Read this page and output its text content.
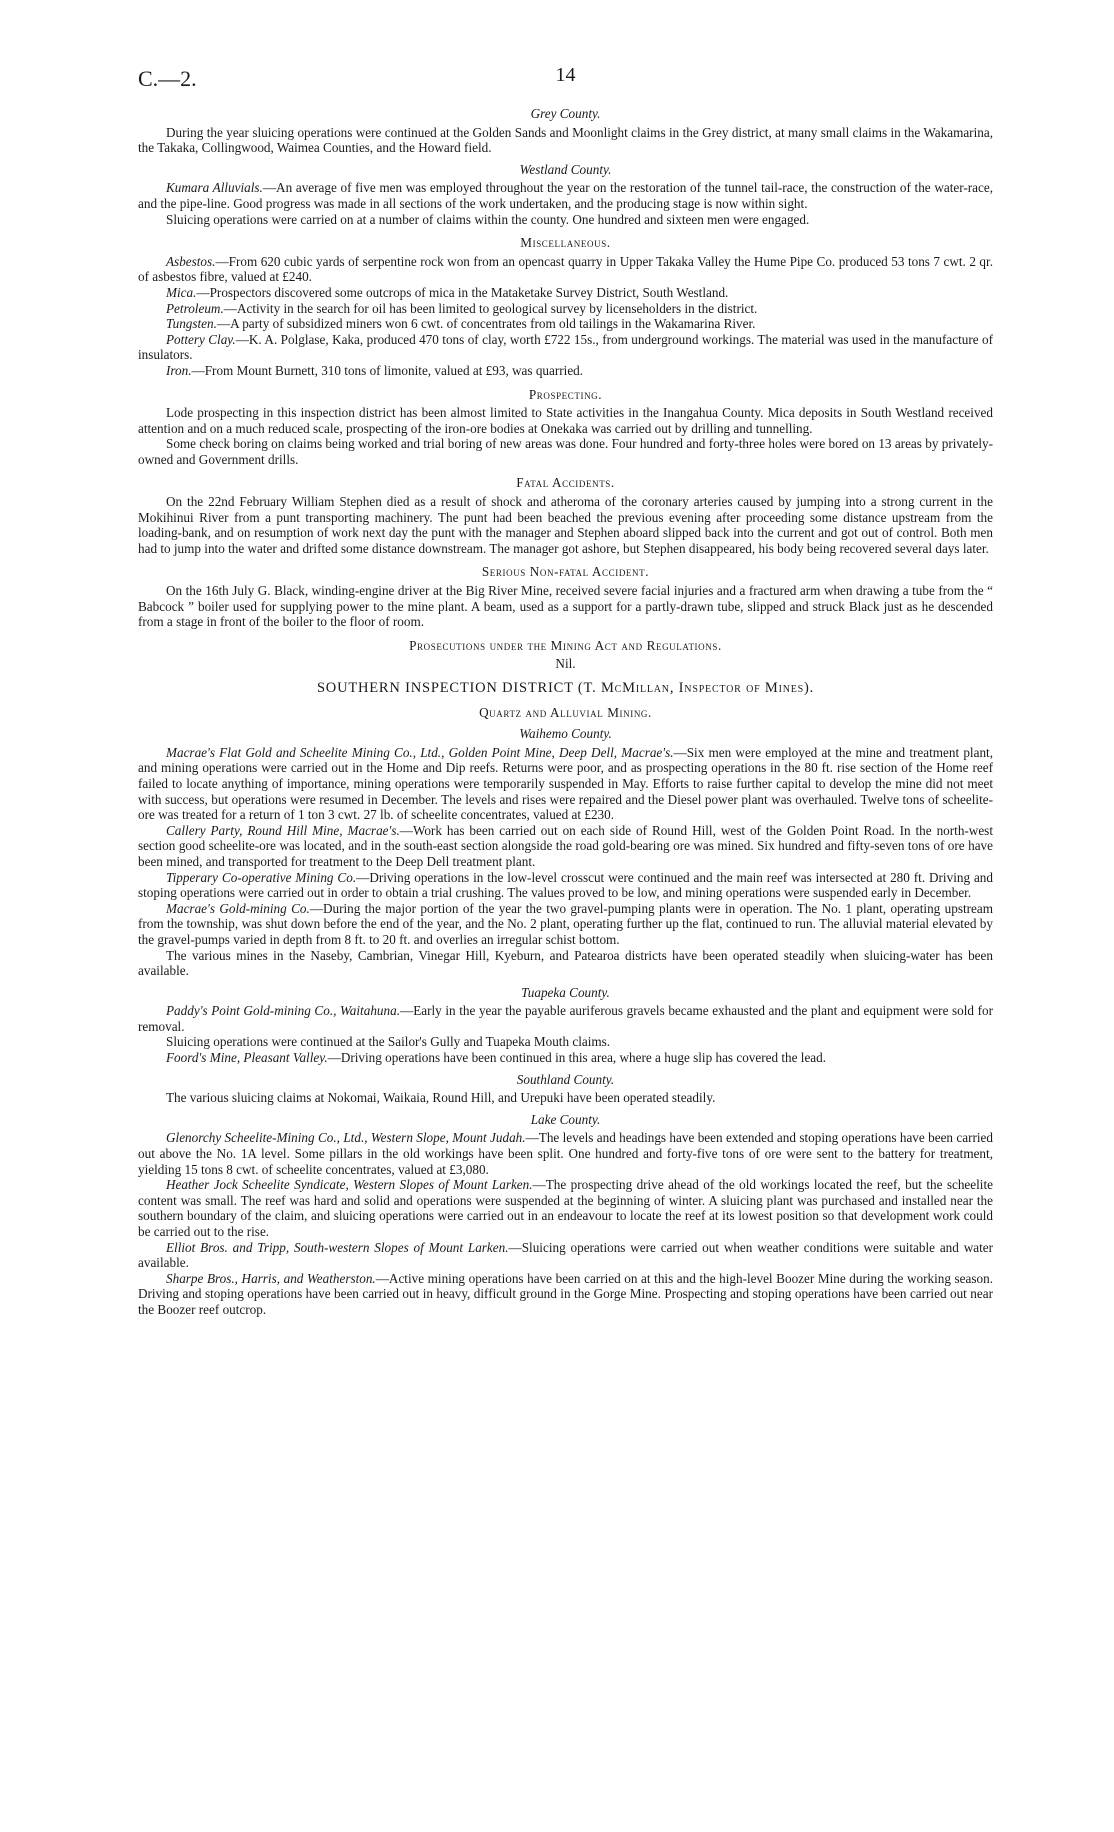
C.—2.	14
Grey County.

During the year sluicing operations were continued at the Golden Sands and Moonlight claims in the Grey district, at many small claims in the Wakamarina, the Takaka, Collingwood, Waimea Counties, and the Howard field.

Westland County.

Kumara Alluvials.—An average of five men was employed throughout the year on the restoration of the tunnel tail-race, the construction of the water-race, and the pipe-line. Good progress was made in all sections of the work undertaken, and the producing stage is now within sight.

Sluicing operations were carried on at a number of claims within the county. One hundred and sixteen men were engaged.

Miscellaneous.

Asbestos.—From 620 cubic yards of serpentine rock won from an opencast quarry in Upper Takaka Valley the Hume Pipe Co. produced 53 tons 7 cwt. 2 qr. of asbestos fibre, valued at £240.

Mica.—Prospectors discovered some outcrops of mica in the Mataketake Survey District, South Westland.

Petroleum.—Activity in the search for oil has been limited to geological survey by licenseholders in the district.

Tungsten.—A party of subsidized miners won 6 cwt. of concentrates from old tailings in the Wakamarina River.

Pottery Clay.—K. A. Polglase, Kaka, produced 470 tons of clay, worth £722 15s., from underground workings. The material was used in the manufacture of insulators.

Iron.—From Mount Burnett, 310 tons of limonite, valued at £93, was quarried.

Prospecting.

Lode prospecting in this inspection district has been almost limited to State activities in the Inangahua County. Mica deposits in South Westland received attention and on a much reduced scale, prospecting of the iron-ore bodies at Onekaka was carried out by drilling and tunnelling.

Some check boring on claims being worked and trial boring of new areas was done. Four hundred and forty-three holes were bored on 13 areas by privately-owned and Government drills.

Fatal Accidents.

On the 22nd February William Stephen died as a result of shock and atheroma of the coronary arteries caused by jumping into a strong current in the Mokihinui River from a punt transporting machinery. The punt had been beached the previous evening after proceeding some distance upstream from the loading-bank, and on resumption of work next day the punt with the manager and Stephen aboard slipped back into the current and got out of control. Both men had to jump into the water and drifted some distance downstream. The manager got ashore, but Stephen disappeared, his body being recovered several days later.

Serious Non-fatal Accident.

On the 16th July G. Black, winding-engine driver at the Big River Mine, received severe facial injuries and a fractured arm when drawing a tube from the “ Babcock ” boiler used for supplying power to the mine plant. A beam, used as a support for a partly-drawn tube, slipped and struck Black just as he descended from a stage in front of the boiler to the floor of room.

Prosecutions under the Mining Act and Regulations.
Nil.
SOUTHERN INSPECTION DISTRICT (T. McMillan, Inspector of Mines).
Quartz and Alluvial Mining.
Waihemo County.

Macrae's Flat Gold and Scheelite Mining Co., Ltd., Golden Point Mine, Deep Dell, Macrae's.—Six men were employed at the mine and treatment plant, and mining operations were carried out in the Home and Dip reefs. Returns were poor, and as prospecting operations in the 80 ft. rise section of the Home reef failed to locate anything of importance, mining operations were temporarily suspended in May. Efforts to raise further capital to develop the mine did not meet with success, but operations were resumed in December. The levels and rises were repaired and the Diesel power plant was overhauled. Twelve tons of scheelite-ore was treated for a return of 1 ton 3 cwt. 27 lb. of scheelite concentrates, valued at £230.

Callery Party, Round Hill Mine, Macrae's.—Work has been carried out on each side of Round Hill, west of the Golden Point Road. In the north-west section good scheelite-ore was located, and in the south-east section alongside the road gold-bearing ore was mined. Six hundred and fifty-seven tons of ore have been mined, and transported for treatment to the Deep Dell treatment plant.

Tipperary Co-operative Mining Co.—Driving operations in the low-level crosscut were continued and the main reef was intersected at 280 ft. Driving and stoping operations were carried out in order to obtain a trial crushing. The values proved to be low, and mining operations were suspended early in December.

Macrae's Gold-mining Co.—During the major portion of the year the two gravel-pumping plants were in operation. The No. 1 plant, operating upstream from the township, was shut down before the end of the year, and the No. 2 plant, operating further up the flat, continued to run. The alluvial material elevated by the gravel-pumps varied in depth from 8 ft. to 20 ft. and overlies an irregular schist bottom.

The various mines in the Naseby, Cambrian, Vinegar Hill, Kyeburn, and Patearoa districts have been operated steadily when sluicing-water has been available.

Tuapeka County.

Paddy's Point Gold-mining Co., Waitahuna.—Early in the year the payable auriferous gravels became exhausted and the plant and equipment were sold for removal.

Sluicing operations were continued at the Sailor's Gully and Tuapeka Mouth claims.

Foord's Mine, Pleasant Valley.—Driving operations have been continued in this area, where a huge slip has covered the lead.

Southland County.

The various sluicing claims at Nokomai, Waikaia, Round Hill, and Urepuki have been operated steadily.

Lake County.

Glenorchy Scheelite-Mining Co., Ltd., Western Slope, Mount Judah.—The levels and headings have been extended and stoping operations have been carried out above the No. 1A level. Some pillars in the old workings have been split. One hundred and forty-five tons of ore were sent to the battery for treatment, yielding 15 tons 8 cwt. of scheelite concentrates, valued at £3,080.

Heather Jock Scheelite Syndicate, Western Slopes of Mount Larken.—The prospecting drive ahead of the old workings located the reef, but the scheelite content was small. The reef was hard and solid and operations were suspended at the beginning of winter. A sluicing plant was purchased and installed near the southern boundary of the claim, and sluicing operations were carried out in an endeavour to locate the reef at its lowest position so that development work could be carried out to the rise.

Elliot Bros. and Tripp, South-western Slopes of Mount Larken.—Sluicing operations were carried out when weather conditions were suitable and water available.

Sharpe Bros., Harris, and Weatherston.—Active mining operations have been carried on at this and the high-level Boozer Mine during the working season. Driving and stoping operations have been carried out in heavy, difficult ground in the Gorge Mine. Prospecting and stoping operations have been carried out near the Boozer reef outcrop.
